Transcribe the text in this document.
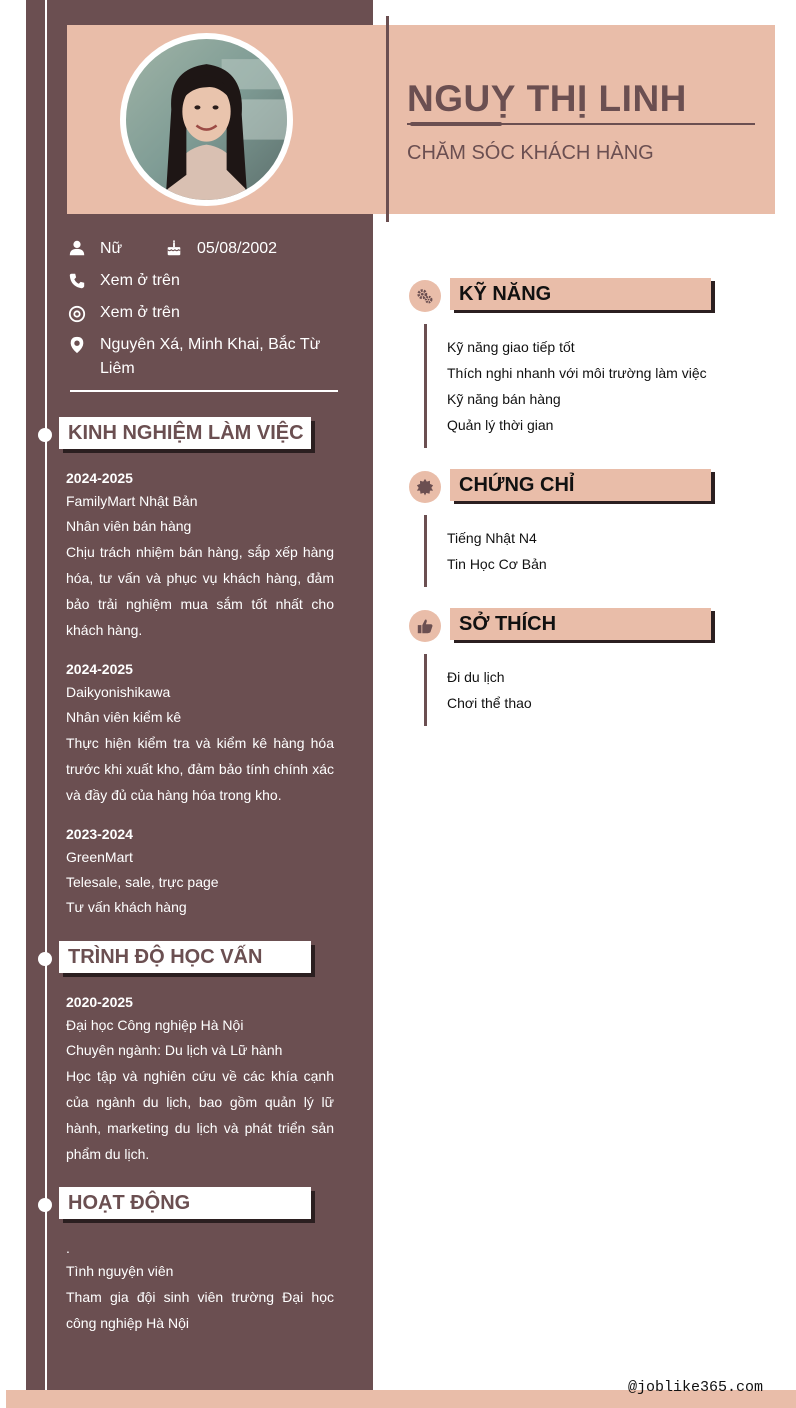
NGUỴ THỊ LINH
CHĂM SÓC KHÁCH HÀNG
Nữ	05/08/2002
Xem ở trên
Xem ở trên
Nguyên Xá, Minh Khai, Bắc Từ Liêm
KINH NGHIỆM LÀM VIỆC
2024-2025
FamilyMart Nhật Bản
Nhân viên bán hàng
Chịu trách nhiệm bán hàng, sắp xếp hàng hóa, tư vấn và phục vụ khách hàng, đảm bảo trải nghiệm mua sắm tốt nhất cho khách hàng.
2024-2025
Daikyonishikawa
Nhân viên kiểm kê
Thực hiện kiểm tra và kiểm kê hàng hóa trước khi xuất kho, đảm bảo tính chính xác và đầy đủ của hàng hóa trong kho.
2023-2024
GreenMart
Telesale, sale, trực page
Tư vấn khách hàng
TRÌNH ĐỘ HỌC VẤN
2020-2025
Đại học Công nghiệp Hà Nội
Chuyên ngành: Du lịch và Lữ hành
Học tập và nghiên cứu về các khía cạnh của ngành du lịch, bao gồm quản lý lữ hành, marketing du lịch và phát triển sản phẩm du lịch.
HOẠT ĐỘNG
.
Tình nguyện viên
Tham gia đội sinh viên trường Đại học công nghiệp Hà Nội
KỸ NĂNG
Kỹ năng giao tiếp tốt
Thích nghi nhanh với môi trường làm việc
Kỹ năng bán hàng
Quản lý thời gian
CHỨNG CHỈ
Tiếng Nhật N4
Tin Học Cơ Bản
SỞ THÍCH
Đi du lịch
Chơi thể thao
@joblike365.com
